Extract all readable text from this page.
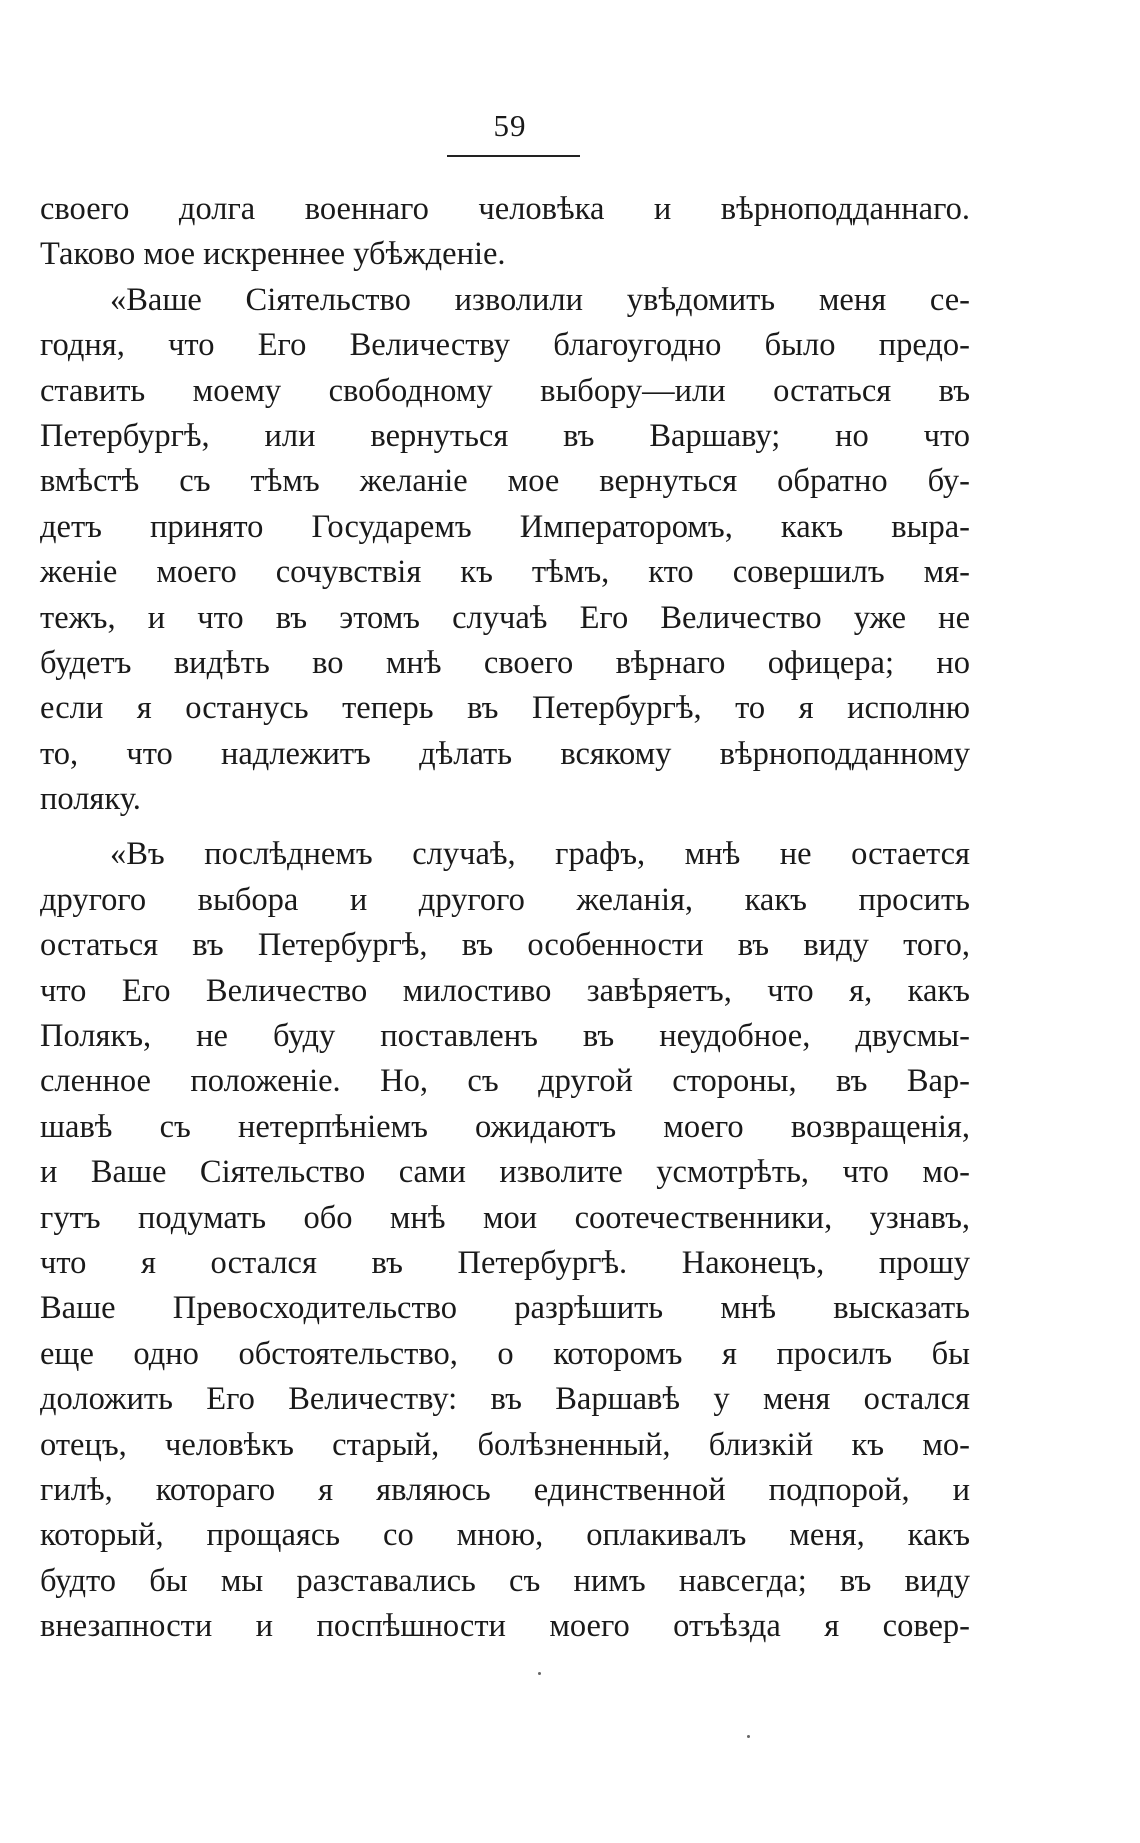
59
своего долга военнаго человѣка и вѣрноподданнаго.
Таково мое искреннее убѣжденіе.
«Ваше Сіятельство изволили увѣдомить меня се-
годня, что Его Величеству благоугодно было предо-
ставить моему свободному выбору—или остаться въ
Петербургѣ, или вернуться въ Варшаву; но что
вмѣстѣ съ тѣмъ желаніе мое вернуться обратно бу-
детъ принято Государемъ Императоромъ, какъ выра-
женіе моего сочувствія къ тѣмъ, кто совершилъ мя-
тежъ, и что въ этомъ случаѣ Его Величество уже не
будетъ видѣть во мнѣ своего вѣрнаго офицера; но
если я останусь теперь въ Петербургѣ, то я исполню
то, что надлежитъ дѣлать всякому вѣрноподданному
поляку.
«Въ послѣднемъ случаѣ, графъ, мнѣ не остается
другого выбора и другого желанія, какъ просить
остаться въ Петербургѣ, въ особенности въ виду того,
что Его Величество милостиво завѣряетъ, что я, какъ
Полякъ, не буду поставленъ въ неудобное, двусмы-
сленное положеніе. Но, съ другой стороны, въ Вар-
шавѣ съ нетерпѣніемъ ожидаютъ моего возвращенія,
и Ваше Сіятельство сами изволите усмотрѣть, что мо-
гутъ подумать обо мнѣ мои соотечественники, узнавъ,
что я остался въ Петербургѣ. Наконецъ, прошу
Ваше Превосходительство разрѣшить мнѣ высказать
еще одно обстоятельство, о которомъ я просилъ бы
доложить Его Величеству: въ Варшавѣ у меня остался
отецъ, человѣкъ старый, болѣзненный, близкій къ мо-
гилѣ, котораго я являюсь единственной подпорой, и
который, прощаясь со мною, оплакивалъ меня, какъ
будто бы мы разставались съ нимъ навсегда; въ виду
внезапности и поспѣшности моего отъѣзда я совер-
